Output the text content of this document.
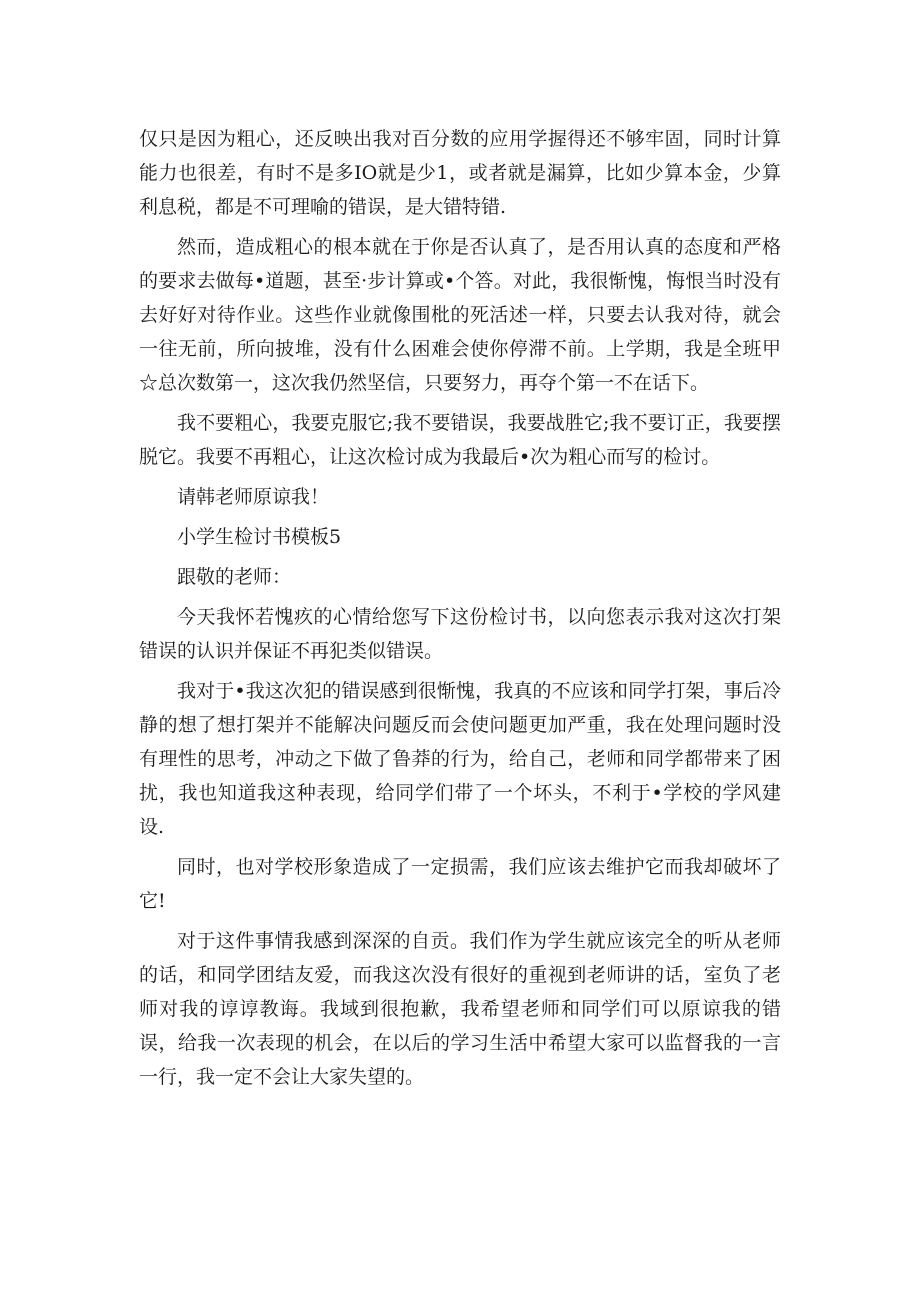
仅只是因为粗心，还反映出我对百分数的应用学握得还不够牢固，同时计算能力也很差，有时不是多IO就是少1，或者就是漏算，比如少算本金，少算利息税，都是不可理喻的错误，是大错特错.

然而，造成粗心的根本就在于你是否认真了，是否用认真的态度和严格的要求去做每•道题，甚至·步计算或•个答。对此，我很惭愧，悔恨当时没有去好好对待作业。这些作业就像围枇的死活述一样，只要去认我对待，就会一往无前，所向披堆，没有什么困难会使你停滞不前。上学期，我是全班甲☆总次数第一，这次我仍然坚信，只要努力，再夺个第一不在话下。

我不要粗心，我要克服它;我不要错误，我要战胜它;我不要订正，我要摆脱它。我要不再粗心，让这次检讨成为我最后•次为粗心而写的检讨。

请韩老师原谅我！

小学生检讨书模板5

跟敬的老师：

今天我怀若愧疚的心情给您写下这份检讨书，以向您表示我对这次打架错误的认识并保证不再犯类似错误。

我对于•我这次犯的错误感到很惭愧，我真的不应该和同学打架，事后冷静的想了想打架并不能解决问题反而会使问题更加严重，我在处理问题时没有理性的思考，冲动之下做了鲁莽的行为，给自己，老师和同学都带来了困扰，我也知道我这种表现，给同学们带了一个坏头，不利于•学校的学风建设.

同时，也对学校形象造成了一定损需，我们应该去维护它而我却破坏了它!

对于这件事情我感到深深的自贡。我们作为学生就应该完全的听从老师的话，和同学团结友爱，而我这次没有很好的重视到老师讲的话，室负了老师对我的谆谆教诲。我域到很抱歉，我希望老师和同学们可以原谅我的错误，给我一次表现的机会，在以后的学习生活中希望大家可以监督我的一言一行，我一定不会让大家失望的。
